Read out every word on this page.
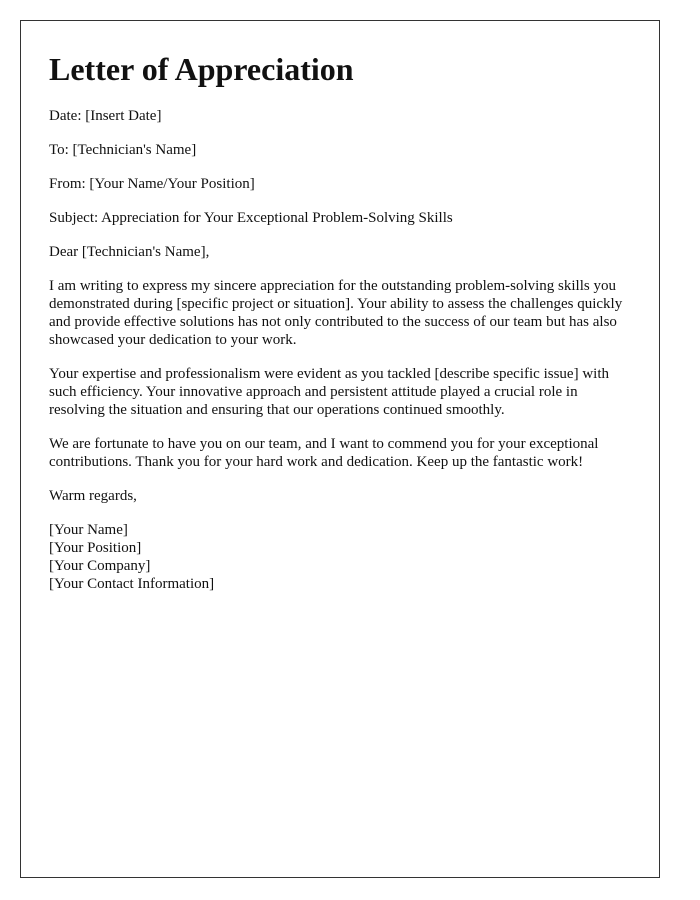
Letter of Appreciation

Date: [Insert Date]

To: [Technician's Name]

From: [Your Name/Your Position]

Subject: Appreciation for Your Exceptional Problem-Solving Skills

Dear [Technician's Name],

I am writing to express my sincere appreciation for the outstanding problem-solving skills you demonstrated during [specific project or situation]. Your ability to assess the challenges quickly and provide effective solutions has not only contributed to the success of our team but has also showcased your dedication to your work.

Your expertise and professionalism were evident as you tackled [describe specific issue] with such efficiency. Your innovative approach and persistent attitude played a crucial role in resolving the situation and ensuring that our operations continued smoothly.

We are fortunate to have you on our team, and I want to commend you for your exceptional contributions. Thank you for your hard work and dedication. Keep up the fantastic work!

Warm regards,

[Your Name]
[Your Position]
[Your Company]
[Your Contact Information]
